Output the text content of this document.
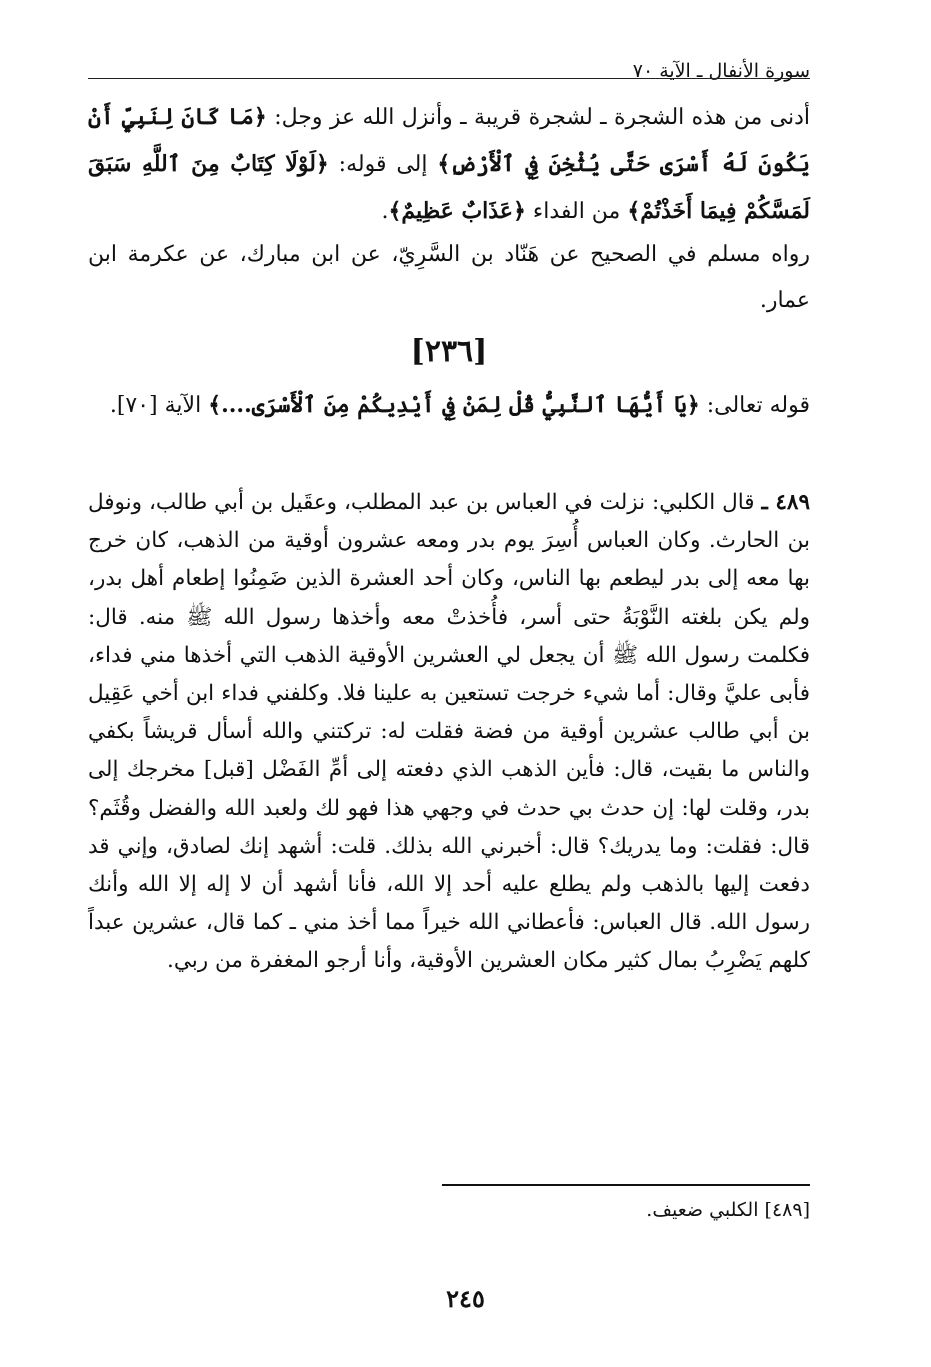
سورة الأنفال ـ الآية ٧٠
أدنى من هذه الشجرة ـ لشجرة قريبة ـ وأنزل الله عز وجل: ﴿مَا كَانَ لِنَبِيٍّ أَنْ يَكُونَ لَهُ أَسْرَى حَتَّى يُثْخِنَ فِي ٱلْأَرْضِ﴾ إلى قوله: ﴿لَوْلَا كِتَابٌ مِنَ ٱللَّهِ سَبَقَ لَمَسَّكُمْ فِيمَا أَخَذْتُمْ﴾ من الفداء ﴿عَذَابٌ عَظِيمٌ﴾.
رواه مسلم في الصحيح عن هَنّاد بن السَّرِيّ، عن ابن مبارك، عن عكرمة ابن عمار.
[٢٣٦]
قوله تعالى: ﴿يَا أَيُّهَا ٱلنَّبِيُّ قُلْ لِمَنْ فِي أَيْدِيكُمْ مِنَ ٱلْأَسْرَى....﴾ الآية [٧٠].
٤٨٩ ـ قال الكلبي: نزلت في العباس بن عبد المطلب، وعقَيل بن أبي طالب، ونوفل بن الحارث. وكان العباس أُسِرَ يوم بدر ومعه عشرون أوقية من الذهب، كان خرج بها معه إلى بدر ليطعم بها الناس، وكان أحد العشرة الذين ضَمِنُوا إطعام أهل بدر، ولم يكن بلغته النَّوْبَةُ حتى أسر، فأُخذتْ معه وأخذها رسول الله ﷺ منه. قال: فكلمت رسول الله ﷺ أن يجعل لي العشرين الأوقية الذهب التي أخذها مني فداء، فأبى عليَّ وقال: أما شيء خرجت تستعين به علينا فلا. وكلفني فداء ابن أخي عَقِيل بن أبي طالب عشرين أوقية من فضة فقلت له: تركتني والله أسأل قريشاً بكفي والناس ما بقيت، قال: فأين الذهب الذي دفعته إلى أمِّ الفَضْل [قبل] مخرجك إلى بدر، وقلت لها: إن حدث بي حدث في وجهي هذا فهو لك ولعبد الله والفضل وقُثَم؟ قال: فقلت: وما يدريك؟ قال: أخبرني الله بذلك. قلت: أشهد إنك لصادق، وإني قد دفعت إليها بالذهب ولم يطلع عليه أحد إلا الله، فأنا أشهد أن لا إله إلا الله وأنك رسول الله. قال العباس: فأعطاني الله خيراً مما أخذ مني ـ كما قال، عشرين عبداً كلهم يَضْرِبُ بمال كثير مكان العشرين الأوقية، وأنا أرجو المغفرة من ربي.
[٤٨٩] الكلبي ضعيف.
٢٤٥
